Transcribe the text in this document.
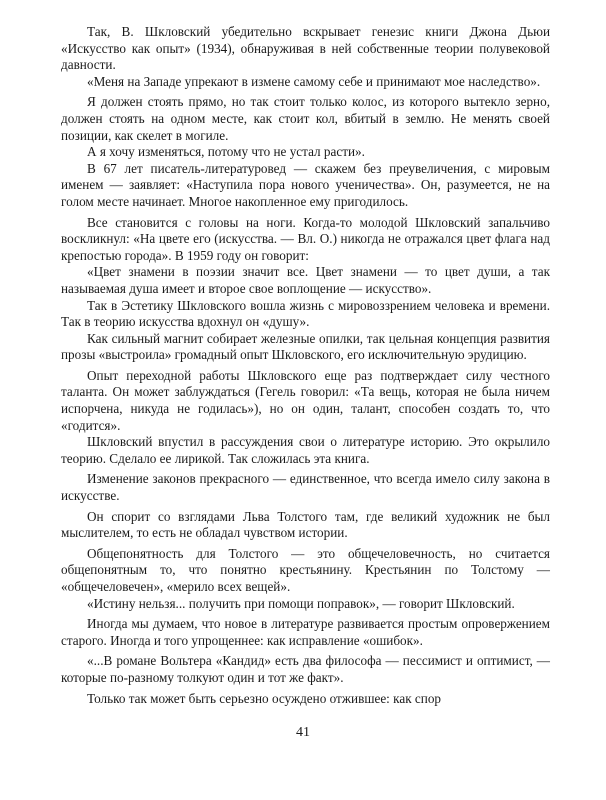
Так, В. Шкловский убедительно вскрывает генезис книги Джона Дьюи «Искусство как опыт» (1934), обнаруживая в ней собственные теории полувековой давности.

«Меня на Западе упрекают в измене самому себе и принимают мое наследство».

Я должен стоять прямо, но так стоит только колос, из которого вытекло зерно, должен стоять на одном месте, как стоит кол, вбитый в землю. Не менять своей позиции, как скелет в могиле.

А я хочу изменяться, потому что не устал расти».

В 67 лет писатель-литературовед — скажем без преувеличения, с мировым именем — заявляет: «Наступила пора нового ученичества». Он, разумеется, не на голом месте начинает. Многое накопленное ему пригодилось.

Все становится с головы на ноги. Когда-то молодой Шкловский запальчиво воскликнул: «На цвете его (искусства. — Вл. О.) никогда не отражался цвет флага над крепостью города». В 1959 году он говорит:

«Цвет знамени в поэзии значит все. Цвет знамени — то цвет души, а так называемая душа имеет и второе свое воплощение — искусство».

Так в Эстетику Шкловского вошла жизнь с мировоззрением человека и времени. Так в теорию искусства вдохнул он «душу».

Как сильный магнит собирает железные опилки, так цельная концепция развития прозы «выстроила» громадный опыт Шкловского, его исключительную эрудицию.

Опыт переходной работы Шкловского еще раз подтверждает силу честного таланта. Он может заблуждаться (Гегель говорил: «Та вещь, которая не была ничем испорчена, никуда не годилась»), но он один, талант, способен создать то, что «годится».

Шкловский впустил в рассуждения свои о литературе историю. Это окрылило теорию. Сделало ее лирикой. Так сложилась эта книга.

Изменение законов прекрасного — единственное, что всегда имело силу закона в искусстве.

Он спорит со взглядами Льва Толстого там, где великий художник не был мыслителем, то есть не обладал чувством истории.

Общепонятность для Толстого — это общечеловечность, но считается общепонятным то, что понятно крестьянину. Крестьянин по Толстому — «общечеловечен», «мерило всех вещей».

«Истину нельзя... получить при помощи поправок», — говорит Шкловский.

Иногда мы думаем, что новое в литературе развивается простым опровержением старого. Иногда и того упрощеннее: как исправление «ошибок».

«...В романе Вольтера «Кандид» есть два философа — пессимист и оптимист, — которые по-разному толкуют один и тот же факт».

Только так может быть серьезно осуждено отжившее: как спор

41
